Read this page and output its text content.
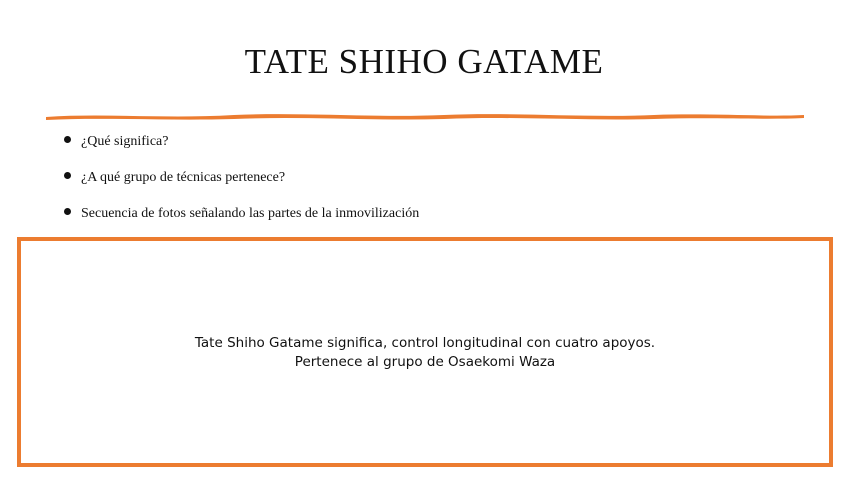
TATE SHIHO GATAME
¿Qué significa?
¿A qué grupo de técnicas pertenece?
Secuencia de fotos señalando las partes de la inmovilización
Tate Shiho Gatame significa, control longitudinal con cuatro apoyos.
Pertenece al grupo de Osaekomi Waza
